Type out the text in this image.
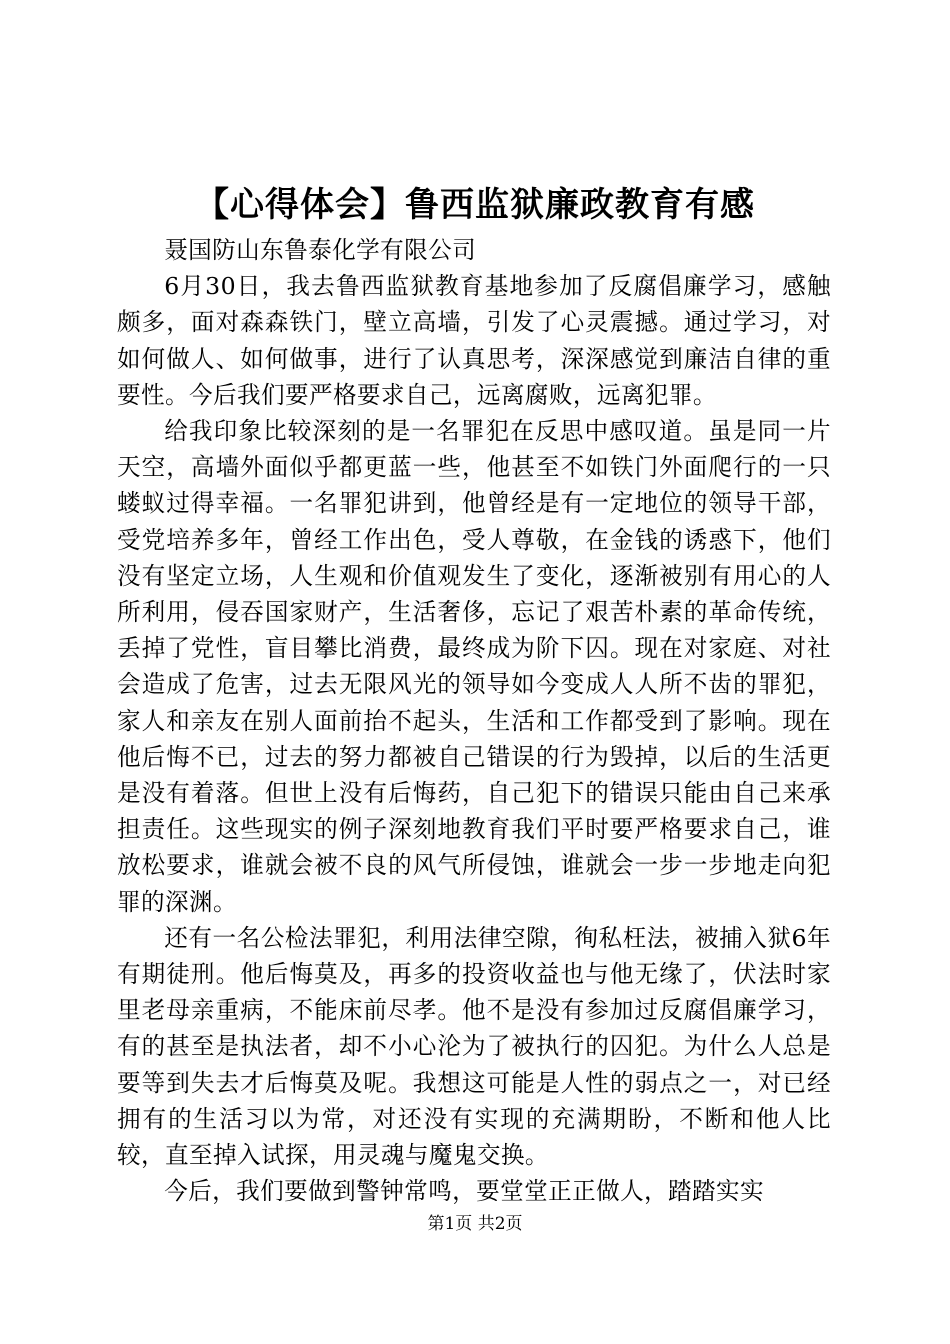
【心得体会】鲁西监狱廉政教育有感

聂国防山东鲁泰化学有限公司

6月30日，我去鲁西监狱教育基地参加了反腐倡廉学习，感触颇多，面对森森铁门，壁立高墙，引发了心灵震撼。通过学习，对如何做人、如何做事，进行了认真思考，深深感觉到廉洁自律的重要性。今后我们要严格要求自己，远离腐败，远离犯罪。

给我印象比较深刻的是一名罪犯在反思中感叹道。虽是同一片天空，高墙外面似乎都更蓝一些，他甚至不如铁门外面爬行的一只蝼蚁过得幸福。一名罪犯讲到，他曾经是有一定地位的领导干部，受党培养多年，曾经工作出色，受人尊敬，在金钱的诱惑下，他们没有坚定立场，人生观和价值观发生了变化，逐渐被别有用心的人所利用，侵吞国家财产，生活奢侈，忘记了艰苦朴素的革命传统，丢掉了党性，盲目攀比消费，最终成为阶下囚。现在对家庭、对社会造成了危害，过去无限风光的领导如今变成人人所不齿的罪犯，家人和亲友在别人面前抬不起头，生活和工作都受到了影响。现在他后悔不已，过去的努力都被自己错误的行为毁掉，以后的生活更是没有着落。但世上没有后悔药，自己犯下的错误只能由自己来承担责任。这些现实的例子深刻地教育我们平时要严格要求自己，谁放松要求，谁就会被不良的风气所侵蚀，谁就会一步一步地走向犯罪的深渊。

还有一名公检法罪犯，利用法律空隙，徇私枉法，被捕入狱6年有期徒刑。他后悔莫及，再多的投资收益也与他无缘了，伏法时家里老母亲重病，不能床前尽孝。他不是没有参加过反腐倡廉学习，有的甚至是执法者，却不小心沦为了被执行的囚犯。为什么人总是要等到失去才后悔莫及呢。我想这可能是人性的弱点之一，对已经拥有的生活习以为常，对还没有实现的充满期盼，不断和他人比较，直至掉入试探，用灵魂与魔鬼交换。

今后，我们要做到警钟常鸣，要堂堂正正做人，踏踏实实

第1页 共2页
